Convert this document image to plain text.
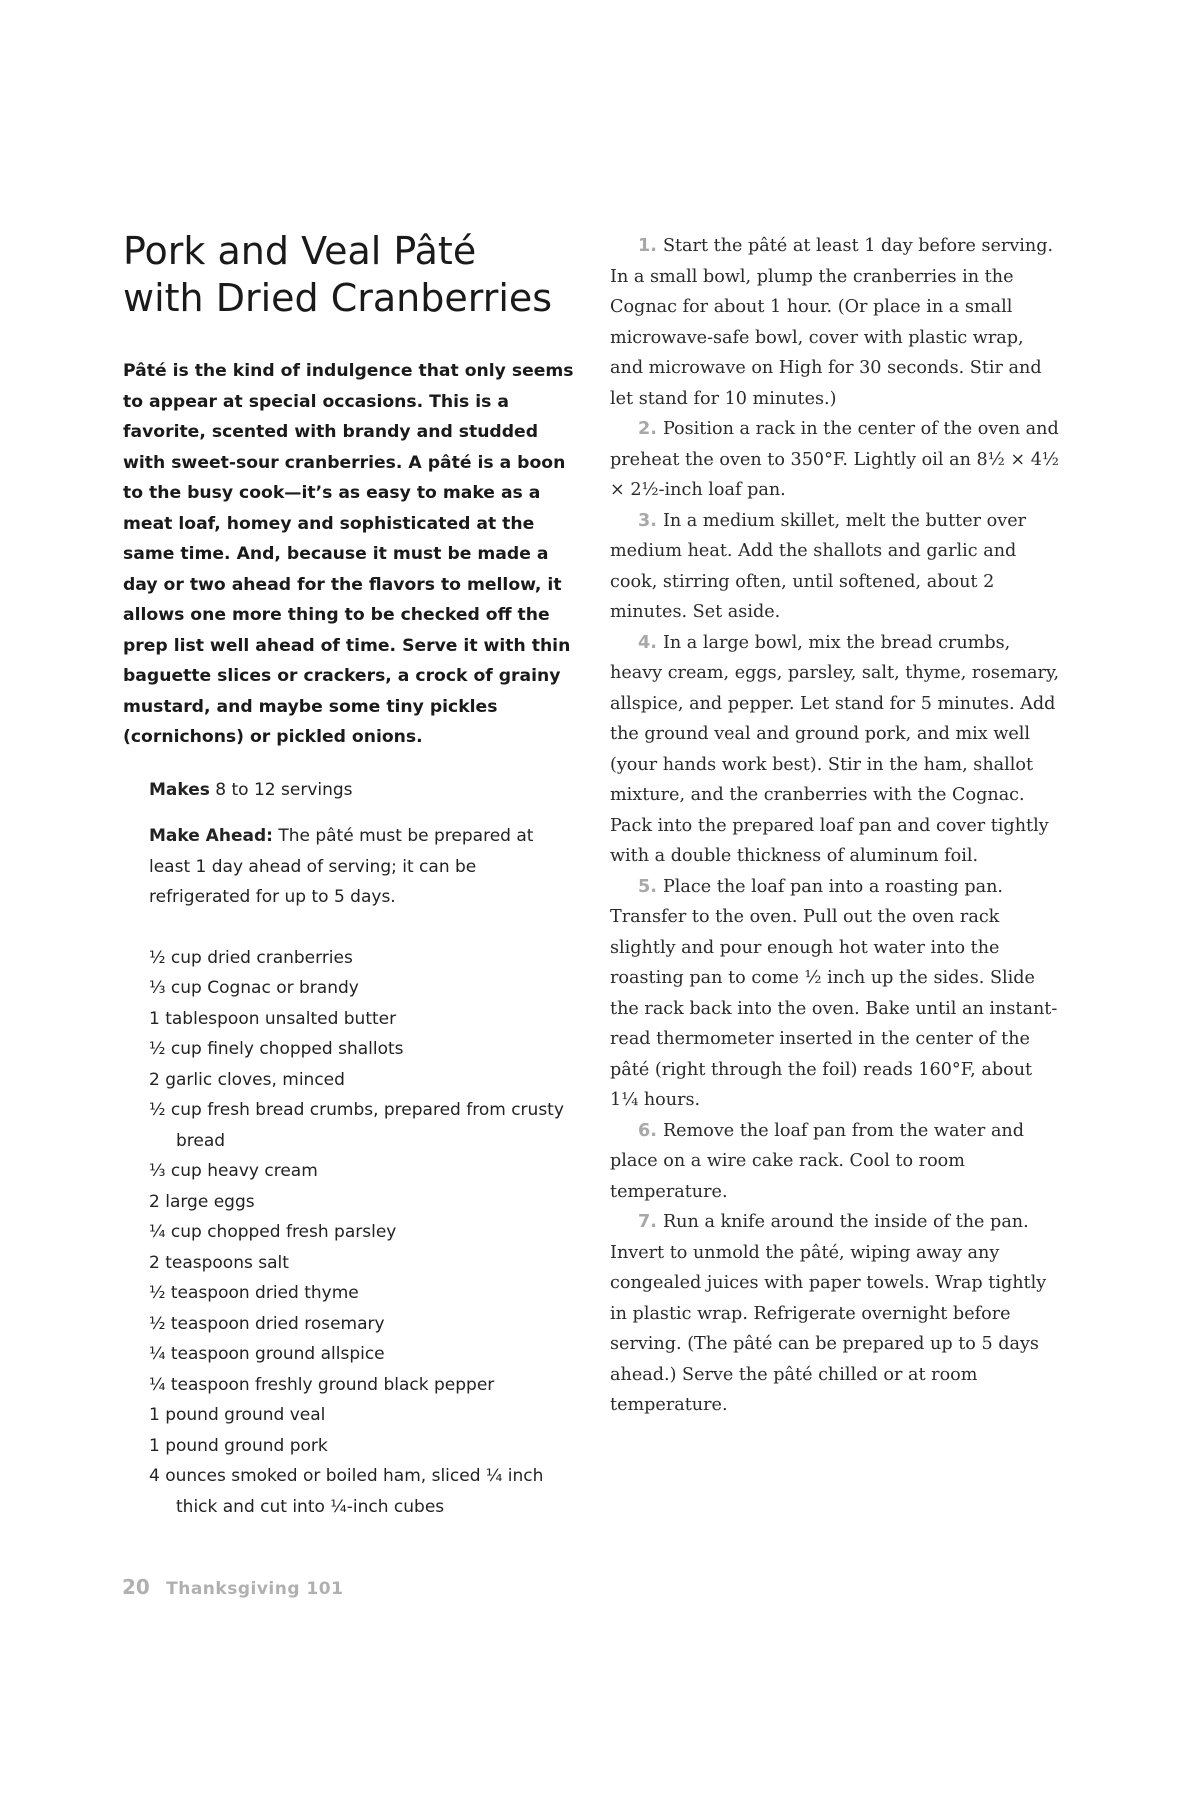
Pork and Veal Pâté
with Dried Cranberries

Pâté is the kind of indulgence that only seems to appear at special occasions. This is a favorite, scented with brandy and studded with sweet-sour cranberries. A pâté is a boon to the busy cook—it’s as easy to make as a meat loaf, homey and sophisticated at the same time. And, because it must be made a day or two ahead for the flavors to mellow, it allows one more thing to be checked off the prep list well ahead of time. Serve it with thin baguette slices or crackers, a crock of grainy mustard, and maybe some tiny pickles (cornichons) or pickled onions.

Makes 8 to 12 servings
Make Ahead: The pâté must be prepared at least 1 day ahead of serving; it can be refrigerated for up to 5 days.
½ cup dried cranberries
⅓ cup Cognac or brandy
1 tablespoon unsalted butter
½ cup finely chopped shallots
2 garlic cloves, minced
½ cup fresh bread crumbs, prepared from crusty bread
⅓ cup heavy cream
2 large eggs
¼ cup chopped fresh parsley
2 teaspoons salt
½ teaspoon dried thyme
½ teaspoon dried rosemary
¼ teaspoon ground allspice
¼ teaspoon freshly ground black pepper
1 pound ground veal
1 pound ground pork
4 ounces smoked or boiled ham, sliced ¼ inch thick and cut into ¼-inch cubes

1. Start the pâté at least 1 day before serving. In a small bowl, plump the cranberries in the Cognac for about 1 hour. (Or place in a small microwave-safe bowl, cover with plastic wrap, and microwave on High for 30 seconds. Stir and let stand for 10 minutes.)

2. Position a rack in the center of the oven and preheat the oven to 350°F. Lightly oil an 8½ × 4½ × 2½-inch loaf pan.

3. In a medium skillet, melt the butter over medium heat. Add the shallots and garlic and cook, stirring often, until softened, about 2 minutes. Set aside.

4. In a large bowl, mix the bread crumbs, heavy cream, eggs, parsley, salt, thyme, rosemary, allspice, and pepper. Let stand for 5 minutes. Add the ground veal and ground pork, and mix well (your hands work best). Stir in the ham, shallot mixture, and the cranberries with the Cognac. Pack into the prepared loaf pan and cover tightly with a double thickness of aluminum foil.

5. Place the loaf pan into a roasting pan. Transfer to the oven. Pull out the oven rack slightly and pour enough hot water into the roasting pan to come ½ inch up the sides. Slide the rack back into the oven. Bake until an instant-read thermometer inserted in the center of the pâté (right through the foil) reads 160°F, about 1¼ hours.

6. Remove the loaf pan from the water and place on a wire cake rack. Cool to room temperature.

7. Run a knife around the inside of the pan. Invert to unmold the pâté, wiping away any congealed juices with paper towels. Wrap tightly in plastic wrap. Refrigerate overnight before serving. (The pâté can be prepared up to 5 days ahead.) Serve the pâté chilled or at room temperature.

20 Thanksgiving 101
